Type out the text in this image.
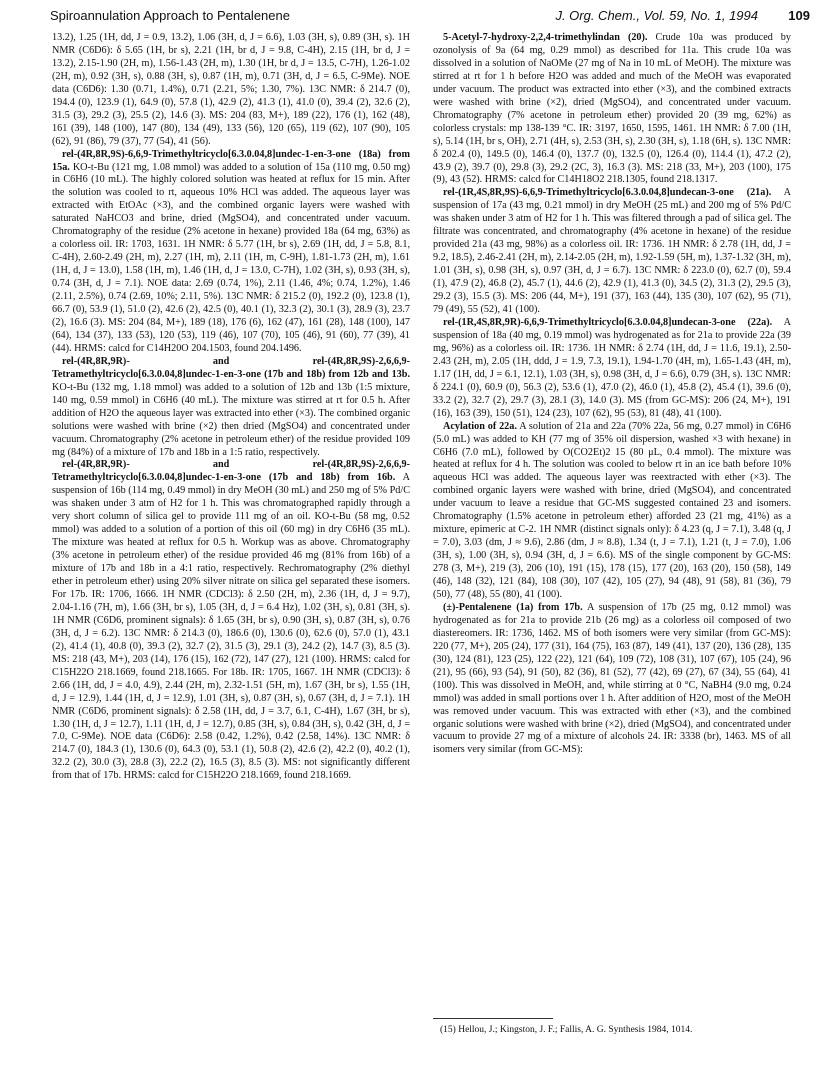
Spiroannulation Approach to Pentalenene	J. Org. Chem., Vol. 59, No. 1, 1994 109

13.2), 1.25 (1H, dd, J = 0.9, 13.2), 1.06 (3H, d, J = 6.6), 1.03 (3H, s), 0.89 (3H, s). 1H NMR (C6D6): δ 5.65 (1H, br s), 2.21 (1H, br d, J = 9.8, C-4H), 2.15 (1H, br d, J = 13.2), 2.15-1.90 (2H, m), 1.56-1.43 (2H, m), 1.30 (1H, br d, J = 13.5, C-7H), 1.26-1.02 (2H, m), 0.92 (3H, s), 0.88 (3H, s), 0.87 (1H, m), 0.71 (3H, d, J = 6.5, C-9Me). NOE data (C6D6): 1.30 (0.71, 1.4%), 0.71 (2.21, 5%; 1.30, 7%). 13C NMR: δ 214.7 (0), 194.4 (0), 123.9 (1), 64.9 (0), 57.8 (1), 42.9 (2), 41.3 (1), 41.0 (0), 39.4 (2), 32.6 (2), 31.5 (3), 29.2 (3), 25.5 (2), 14.6 (3). MS: 204 (83, M+), 189 (22), 176 (1), 162 (48), 161 (39), 148 (100), 147 (80), 134 (49), 133 (56), 120 (65), 119 (62), 107 (90), 105 (62), 91 (86), 79 (37), 77 (54), 41 (56).

rel-(4R,8R,9S)-6,6,9-Trimethyltricyclo[6.3.0.04,8]undec-1-en-3-one (18a) from 15a. KO-t-Bu (121 mg, 1.08 mmol) was added to a solution of 15a (110 mg, 0.50 mg) in C6H6 (10 mL). The highly colored solution was heated at reflux for 15 min. After the solution was cooled to rt, aqueous 10% HCl was added. The aqueous layer was extracted with EtOAc (×3), and the combined organic layers were washed with saturated NaHCO3 and brine, dried (MgSO4), and concentrated under vacuum. Chromatography of the residue (2% acetone in hexane) provided 18a (64 mg, 63%) as a colorless oil. IR: 1703, 1631. 1H NMR: δ 5.77 (1H, br s), 2.69 (1H, dd, J = 5.8, 8.1, C-4H), 2.60-2.49 (2H, m), 2.27 (1H, m), 2.11 (1H, m, C-9H), 1.81-1.73 (2H, m), 1.61 (1H, d, J = 13.0), 1.58 (1H, m), 1.46 (1H, d, J = 13.0, C-7H), 1.02 (3H, s), 0.93 (3H, s), 0.74 (3H, d, J = 7.1). NOE data: 2.69 (0.74, 1%), 2.11 (1.46, 4%; 0.74, 1.2%), 1.46 (2.11, 2.5%), 0.74 (2.69, 10%; 2.11, 5%). 13C NMR: δ 215.2 (0), 192.2 (0), 123.8 (1), 66.7 (0), 53.9 (1), 51.0 (2), 42.6 (2), 42.5 (0), 40.1 (1), 32.3 (2), 30.1 (3), 28.9 (3), 23.7 (2), 16.6 (3). MS: 204 (84, M+), 189 (18), 176 (6), 162 (47), 161 (28), 148 (100), 147 (64), 134 (37), 133 (53), 120 (53), 119 (46), 107 (70), 105 (46), 91 (60), 77 (39), 41 (44). HRMS: calcd for C14H20O 204.1503, found 204.1496.

rel-(4R,8R,9R)- and rel-(4R,8R,9S)-2,6,6,9-Tetramethyltricyclo[6.3.0.04,8]undec-1-en-3-one (17b and 18b) from 12b and 13b. KO-t-Bu (132 mg, 1.18 mmol) was added to a solution of 12b and 13b (1:5 mixture, 140 mg, 0.59 mmol) in C6H6 (40 mL). The mixture was stirred at rt for 0.5 h. After addition of H2O the aqueous layer was extracted into ether (×3). The combined organic solutions were washed with brine (×2) then dried (MgSO4) and concentrated under vacuum. Chromatography (2% acetone in petroleum ether) of the residue provided 109 mg (84%) of a mixture of 17b and 18b in a 1:5 ratio, respectively.

rel-(4R,8R,9R)- and rel-(4R,8R,9S)-2,6,6,9-Tetramethyltricyclo[6.3.0.04,8]undec-1-en-3-one (17b and 18b) from 16b. A suspension of 16b (114 mg, 0.49 mmol) in dry MeOH (30 mL) and 250 mg of 5% Pd/C was shaken under 3 atm of H2 for 1 h. This was chromatographed rapidly through a very short column of silica gel to provide 111 mg of an oil. KO-t-Bu (58 mg, 0.52 mmol) was added to a solution of a portion of this oil (60 mg) in dry C6H6 (35 mL). The mixture was heated at reflux for 0.5 h. Workup was as above. Chromatography (3% acetone in petroleum ether) of the residue provided 46 mg (81% from 16b) of a mixture of 17b and 18b in a 4:1 ratio, respectively. Rechromatography (2% diethyl ether in petroleum ether) using 20% silver nitrate on silica gel separated these isomers. For 17b. IR: 1706, 1666. 1H NMR (CDCl3): δ 2.50 (2H, m), 2.36 (1H, d, J = 9.7), 2.04-1.16 (7H, m), 1.66 (3H, br s), 1.05 (3H, d, J = 6.4 Hz), 1.02 (3H, s), 0.81 (3H, s). 1H NMR (C6D6, prominent signals): δ 1.65 (3H, br s), 0.90 (3H, s), 0.87 (3H, s), 0.76 (3H, d, J = 6.2). 13C NMR: δ 214.3 (0), 186.6 (0), 130.6 (0), 62.6 (0), 57.0 (1), 43.1 (2), 41.4 (1), 40.8 (0), 39.3 (2), 32.7 (2), 31.5 (3), 29.1 (3), 24.2 (2), 14.7 (3), 8.5 (3). MS: 218 (43, M+), 203 (14), 176 (15), 162 (72), 147 (27), 121 (100). HRMS: calcd for C15H22O 218.1669, found 218.1665. For 18b. IR: 1705, 1667. 1H NMR (CDCl3): δ 2.66 (1H, dd, J = 4.0, 4.9), 2.44 (2H, m), 2.32-1.51 (5H, m), 1.67 (3H, br s), 1.55 (1H, d, J = 12.9), 1.44 (1H, d, J = 12.9), 1.01 (3H, s), 0.87 (3H, s), 0.67 (3H, d, J = 7.1). 1H NMR (C6D6, prominent signals): δ 2.58 (1H, dd, J = 3.7, 6.1, C-4H), 1.67 (3H, br s), 1.30 (1H, d, J = 12.7), 1.11 (1H, d, J = 12.7), 0.85 (3H, s), 0.84 (3H, s), 0.42 (3H, d, J = 7.0, C-9Me). NOE data (C6D6): 2.58 (0.42, 1.2%), 0.42 (2.58, 14%). 13C NMR: δ 214.7 (0), 184.3 (1), 130.6 (0), 64.3 (0), 53.1 (1), 50.8 (2), 42.6 (2), 42.2 (0), 40.2 (1), 32.2 (2), 30.0 (3), 28.8 (3), 22.2 (2), 16.5 (3), 8.5 (3). MS: not significantly different from that of 17b. HRMS: calcd for C15H22O 218.1669, found 218.1669.

5-Acetyl-7-hydroxy-2,2,4-trimethylindan (20). Crude 10a was produced by ozonolysis of 9a (64 mg, 0.29 mmol) as described for 11a. This crude 10a was dissolved in a solution of NaOMe (27 mg of Na in 10 mL of MeOH). The mixture was stirred at rt for 1 h before H2O was added and much of the MeOH was evaporated under vacuum. The product was extracted into ether (×3), and the combined extracts were washed with brine (×2), dried (MgSO4), and concentrated under vacuum. Chromatography (7% acetone in petroleum ether) provided 20 (39 mg, 62%) as colorless crystals: mp 138-139 °C. IR: 3197, 1650, 1595, 1461. 1H NMR: δ 7.00 (1H, s), 5.14 (1H, br s, OH), 2.71 (4H, s), 2.53 (3H, s), 2.30 (3H, s), 1.18 (6H, s). 13C NMR: δ 202.4 (0), 149.5 (0), 146.4 (0), 137.7 (0), 132.5 (0), 126.4 (0), 114.4 (1), 47.2 (2), 43.9 (2), 39.7 (0), 29.8 (3), 29.2 (2C, 3), 16.3 (3). MS: 218 (33, M+), 203 (100), 175 (9), 43 (52). HRMS: calcd for C14H18O2 218.1305, found 218.1317.

rel-(1R,4S,8R,9S)-6,6,9-Trimethyltricyclo[6.3.0.04,8]undecan-3-one (21a). A suspension of 17a (43 mg, 0.21 mmol) in dry MeOH (25 mL) and 200 mg of 5% Pd/C was shaken under 3 atm of H2 for 1 h. This was filtered through a pad of silica gel. The filtrate was concentrated, and chromatography (4% acetone in hexane) of the residue provided 21a (43 mg, 98%) as a colorless oil. IR: 1736. 1H NMR: δ 2.78 (1H, dd, J = 9.2, 18.5), 2.46-2.41 (2H, m), 2.14-2.05 (2H, m), 1.92-1.59 (5H, m), 1.37-1.32 (3H, m), 1.01 (3H, s), 0.98 (3H, s), 0.97 (3H, d, J = 6.7). 13C NMR: δ 223.0 (0), 62.7 (0), 59.4 (1), 47.9 (2), 46.8 (2), 45.7 (1), 44.6 (2), 42.9 (1), 41.3 (0), 34.5 (2), 31.3 (2), 29.5 (3), 29.2 (3), 15.5 (3). MS: 206 (44, M+), 191 (37), 163 (44), 135 (30), 107 (62), 95 (71), 79 (49), 55 (52), 41 (100).

rel-(1R,4S,8R,9R)-6,6,9-Trimethyltricyclo[6.3.0.04,8]undecan-3-one (22a). A suspension of 18a (40 mg, 0.19 mmol) was hydrogenated as for 21a to provide 22a (39 mg, 96%) as a colorless oil. IR: 1736. 1H NMR: δ 2.74 (1H, dd, J = 11.6, 19.1), 2.50-2.43 (2H, m), 2.05 (1H, ddd, J = 1.9, 7.3, 19.1), 1.94-1.70 (4H, m), 1.65-1.43 (4H, m), 1.17 (1H, dd, J = 6.1, 12.1), 1.03 (3H, s), 0.98 (3H, d, J = 6.6), 0.79 (3H, s). 13C NMR: δ 224.1 (0), 60.9 (0), 56.3 (2), 53.6 (1), 47.0 (2), 46.0 (1), 45.8 (2), 45.4 (1), 39.6 (0), 33.2 (2), 32.7 (2), 29.7 (3), 28.1 (3), 14.0 (3). MS (from GC-MS): 206 (24, M+), 191 (16), 163 (39), 150 (51), 124 (23), 107 (62), 95 (53), 81 (48), 41 (100).

Acylation of 22a. A solution of 21a and 22a (70% 22a, 56 mg, 0.27 mmol) in C6H6 (5.0 mL) was added to KH (77 mg of 35% oil dispersion, washed ×3 with hexane) in C6H6 (7.0 mL), followed by O(CO2Et)2 15 (80 μL, 0.4 mmol). The mixture was heated at reflux for 4 h. The solution was cooled to below rt in an ice bath before 10% aqueous HCl was added. The aqueous layer was reextracted with ether (×3). The combined organic layers were washed with brine, dried (MgSO4), and concentrated under vacuum to leave a residue that GC-MS suggested contained 23 and isomers. Chromatography (1.5% acetone in petroleum ether) afforded 23 (21 mg, 41%) as a mixture, epimeric at C-2. 1H NMR (distinct signals only): δ 4.23 (q, J = 7.1), 3.48 (q, J = 7.0), 3.03 (dm, J ≈ 9.6), 2.86 (dm, J ≈ 8.8), 1.34 (t, J = 7.1), 1.21 (t, J = 7.0), 1.06 (3H, s), 1.00 (3H, s), 0.94 (3H, d, J = 6.6). MS of the single component by GC-MS: 278 (3, M+), 219 (3), 206 (10), 191 (15), 178 (15), 177 (20), 163 (20), 150 (58), 149 (46), 148 (32), 121 (84), 108 (30), 107 (42), 105 (27), 94 (48), 91 (58), 81 (36), 79 (50), 77 (48), 55 (80), 41 (100).

(±)-Pentalenene (1a) from 17b. A suspension of 17b (25 mg, 0.12 mmol) was hydrogenated as for 21a to provide 21b (26 mg) as a colorless oil composed of two diastereomers. IR: 1736, 1462. MS of both isomers were very similar (from GC-MS): 220 (77, M+), 205 (24), 177 (31), 164 (75), 163 (87), 149 (41), 137 (20), 136 (28), 135 (30), 124 (81), 123 (25), 122 (22), 121 (64), 109 (72), 108 (31), 107 (67), 105 (24), 96 (21), 95 (66), 93 (54), 91 (50), 82 (36), 81 (52), 77 (42), 69 (27), 67 (34), 55 (64), 41 (100). This was dissolved in MeOH, and, while stirring at 0 °C, NaBH4 (9.0 mg, 0.24 mmol) was added in small portions over 1 h. After addition of H2O, most of the MeOH was removed under vacuum. This was extracted with ether (×3), and the combined organic solutions were washed with brine (×2), dried (MgSO4), and concentrated under vacuum to provide 27 mg of a mixture of alcohols 24. IR: 3338 (br), 1463. MS of all isomers very similar (from GC-MS):

(15) Hellou, J.; Kingston, J. F.; Fallis, A. G. Synthesis 1984, 1014.
